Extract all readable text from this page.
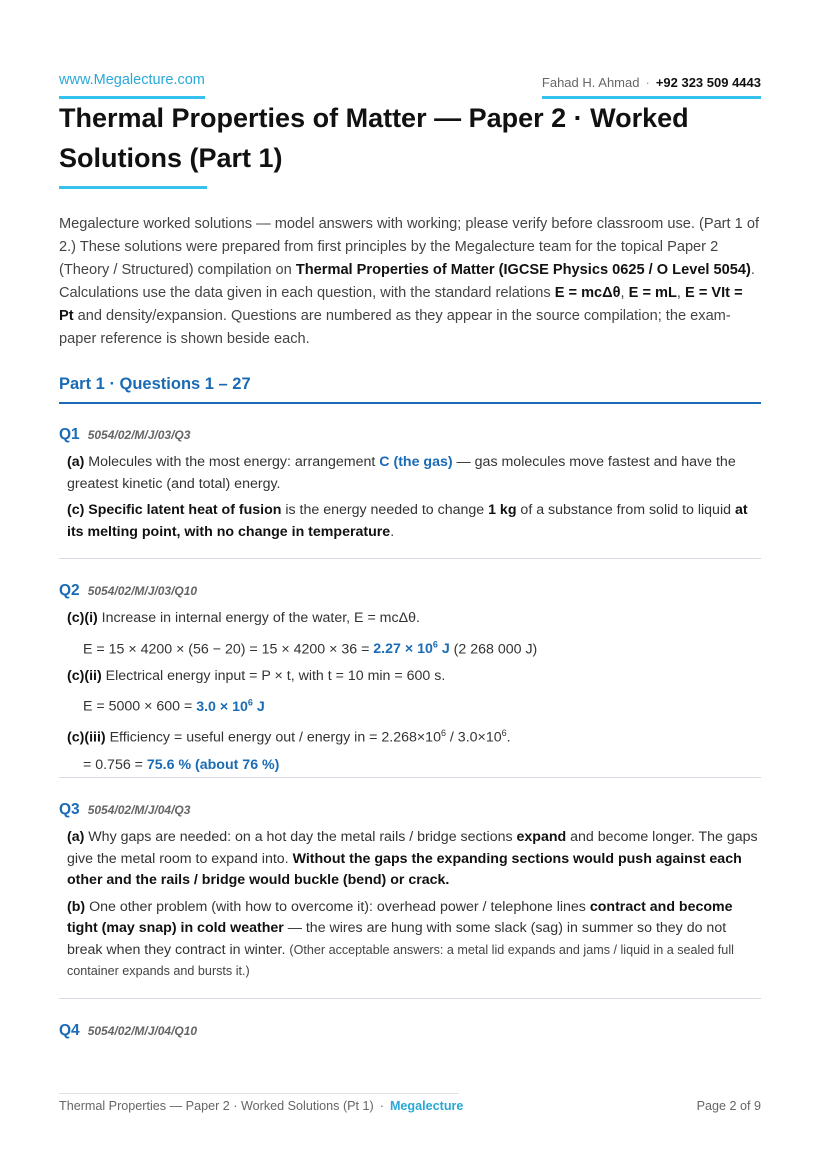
www.Megalecture.com	Fahad H. Ahmad · +92 323 509 4443
Thermal Properties of Matter — Paper 2 · Worked Solutions (Part 1)

Megalecture worked solutions — model answers with working; please verify before classroom use. (Part 1 of 2.) These solutions were prepared from first principles by the Megalecture team for the topical Paper 2 (Theory / Structured) compilation on Thermal Properties of Matter (IGCSE Physics 0625 / O Level 5054). Calculations use the data given in each question, with the standard relations E = mcΔθ, E = mL, E = VIt = Pt and density/expansion. Questions are numbered as they appear in the source compilation; the exam-paper reference is shown beside each.

Part 1 · Questions 1 – 27
Q1 5054/02/M/J/03/Q3

(a) Molecules with the most energy: arrangement C (the gas) — gas molecules move fastest and have the greatest kinetic (and total) energy.

(c) Specific latent heat of fusion is the energy needed to change 1 kg of a substance from solid to liquid at its melting point, with no change in temperature.

Q2 5054/02/M/J/03/Q10

(c)(i) Increase in internal energy of the water, E = mcΔθ.

$E = 15 \times 4200 \times (56 - 20) = 15 \times 4200 \times 36 = 2.27 \times 10^6$ J (2 268 000 J)

(c)(ii) Electrical energy input = P × t, with t = 10 min = 600 s.

$E = 5000 \times 600 = 3.0 \times 10^6$ J

(c)(iii) Efficiency = useful energy out / energy in = $2.268\times 10^6 / 3.0\times 10^6$.

= 0.756 = 75.6 % (about 76 %)

Q3 5054/02/M/J/04/Q3

(a) Why gaps are needed: on a hot day the metal rails / bridge sections expand and become longer. The gaps give the metal room to expand into. Without the gaps the expanding sections would push against each other and the rails / bridge would buckle (bend) or crack.

(b) One other problem (with how to overcome it): overhead power / telephone lines contract and become tight (may snap) in cold weather — the wires are hung with some slack (sag) in summer so they do not break when they contract in winter. (Other acceptable answers: a metal lid expands and jams / liquid in a sealed full container expands and bursts it.)

Q4 5054/02/M/J/04/Q10
Thermal Properties — Paper 2 · Worked Solutions (Pt 1) · Megalecture	Page 2 of 9
